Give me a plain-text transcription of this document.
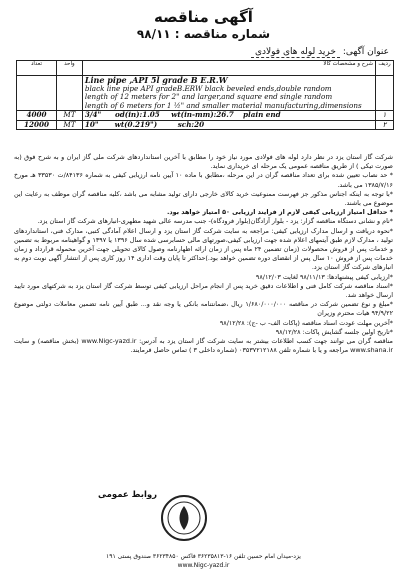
آگهی مناقصه
شماره مناقصه : ۹۸/۱۱
عنوان آگهی: خرید لوله های فولادی
تعداد	واحد	شرح و مشخصات کالا	ردیف

		Line pipe ,API 5l grade B E.R.W
black line pipe API gradeB.ERW black beveled ends,double random
length of 12 meters for 2" and larger,and square end single random
length of 6 meters for 1 ½" and smaller material manufacturing,dimensions	

4000	MT	3/4" od(in):1.05 wt(in-mm):26.7 plain end	۱
12000	MT	10" wt(0.219") sch:20	۲

شرکت گاز استان یزد در نظر دارد لوله های فولادی مورد نیاز خود را مطابق با آخرین استانداردهای شرکت ملی گاز ایران و به شرح فوق (به صورت تیکی ) از طریق مناقصه عمومی یک مرحله ای خریداری نماید.

* حد نصاب تعیین شده برای تعداد مناقصه گران در این مرحله ،مطابق با ماده ۱۰ آیین نامه ارزیابی کیفی به شماره ۸۴۱۳۶/ت ۳۳۵۳۰ هـ مورخ ۱۳۸۵/۷/۱۶ می باشد.

*با توجه به اینکه اجناس مذکور جز فهرست ممنوعیت خرید کالای خارجی دارای تولید مشابه می باشد ،کلیه مناقصه گران موظف به رعایت این موضوع می باشند.

* حداقل امتیاز ارزیابی کیفی لازم از فرایند ارزیابی ۵۰ امتیاز خواهد بود.

*نام و نشانی دستگاه مناقصه گزار: یزد - بلوار آزادگان(بلوار فرودگاه)- جنب مدرسه عالی شهید مطهری-انبارهای شرکت گاز استان یزد.

*نحوه دریافت و ارسال مدارک ارزیابی کیفی: مراجعه به سایت شرکت گاز استان یزد و ارسال اعلام آمادگی کتبی، مدارک فنی، استانداردهای تولید ، مدارک لازم طبق آیتمهای اعلام شده جهت ارزیابی کیفی،صورتهای مالی حسابرسی شده سال ۱۳۹۶ یا ۱۳۹۷ و گواهینامه مربوط به تضمین و خدمات پس از فروش محصولات (زمان تضمین ۲۴ ماه پس از زمان ارائه اظهارنامه وصول کالای تحویلی جهت آخرین محموله قرارداد و زمان خدمات پس از فروش ۱۰ سال پس از انقضای دوره تضمین خواهد بود.)حداکثر تا پایان وقت اداری ۱۴ روز کاری پس از انتشار آگهی نوبت دوم به انبارهای شرکت گاز استان یزد.

*ارزیابی کیفی پیشنهادها: ۹۸/۱۱/۱۳ لغایت ۹۸/۱۲/۰۳

*اسناد مناقصه شرکت کامل فنی و اطلاعات دقیق خرید پس از انجام مراحل ارزیابی کیفی توسط شرکت گاز استان یزد به شرکتهای مورد تایید ارسال خواهد شد.

*مبلغ و نوع تضمین شرکت در مناقصه ۱/۶۸۰/۰۰۰/۰۰۰ ریال ،ضمانتنامه بانکی یا وجه نقد و... طبق آیین نامه تضمین معاملات دولتی موضوع ۹۴/۹/۲۲ هیات محترم وزیران

*آخرین مهلت عودت اسناد مناقصه (پاکات الف- ب -ج): ۹۸/۱۲/۲۸

*تاریخ اولین جلسه گشایش پاکات: ۹۸/۱۲/۲۸

مناقصه گران می توانند جهت کسب اطلاعات بیشتر به سایت شرکت گاز استان یزد به آدرس: www.Nigc-yazd.ir (بخش مناقصه) و سایت www.shana.ir مراجعه و یا با شماره تلفن ۰۳۵۳۷۲۱۲۱۸۸ (شماره داخلی ۳ ) تماس حاصل فرمایند.

روابط عمومی
یزد-میدان امام حسین تلفن ۱۶-۳۶۲۳۵۸۱۳ فاکس ۳۶۲۳۴۸۵۰ صندوق پستی ۱۹۱
www.Nigc-yazd.ir
